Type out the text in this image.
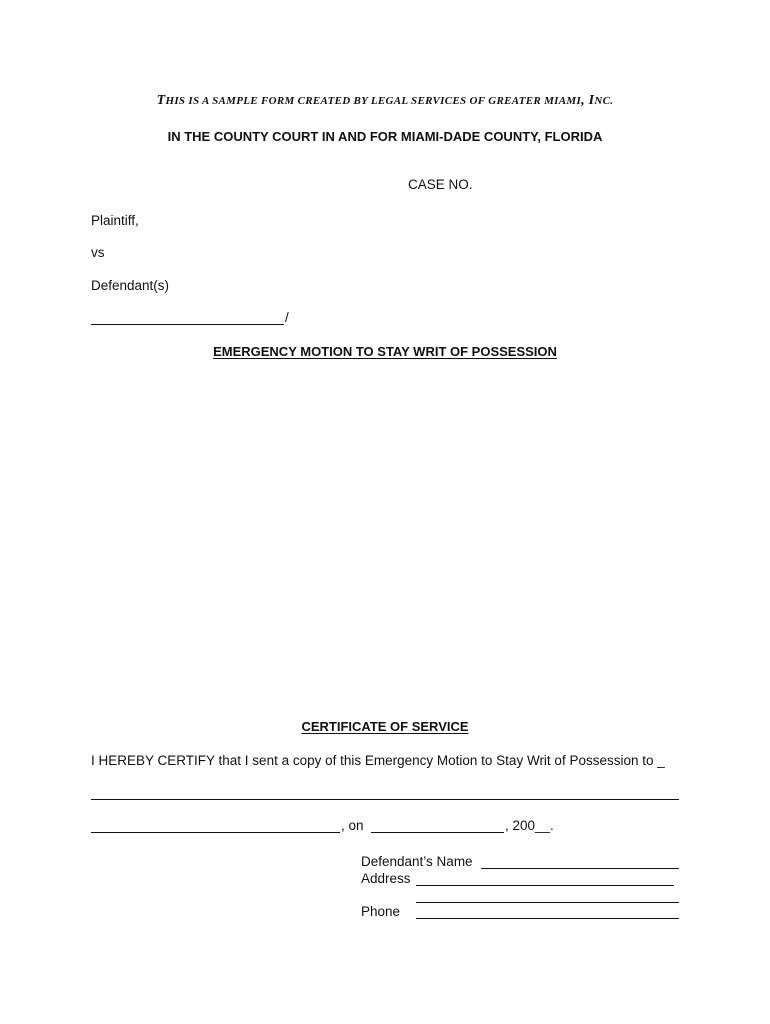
THIS IS A SAMPLE FORM CREATED BY LEGAL SERVICES OF GREATER MIAMI, INC.
IN THE COUNTY COURT IN AND FOR MIAMI-DADE COUNTY, FLORIDA
CASE NO.
Plaintiff,
vs
Defendant(s)
/
EMERGENCY MOTION TO STAY WRIT OF POSSESSION
CERTIFICATE OF SERVICE
I HEREBY CERTIFY that I sent a copy of this Emergency Motion to Stay Writ of Possession to _
, on	, 200__.
Defendant’s Name
Address
Phone
